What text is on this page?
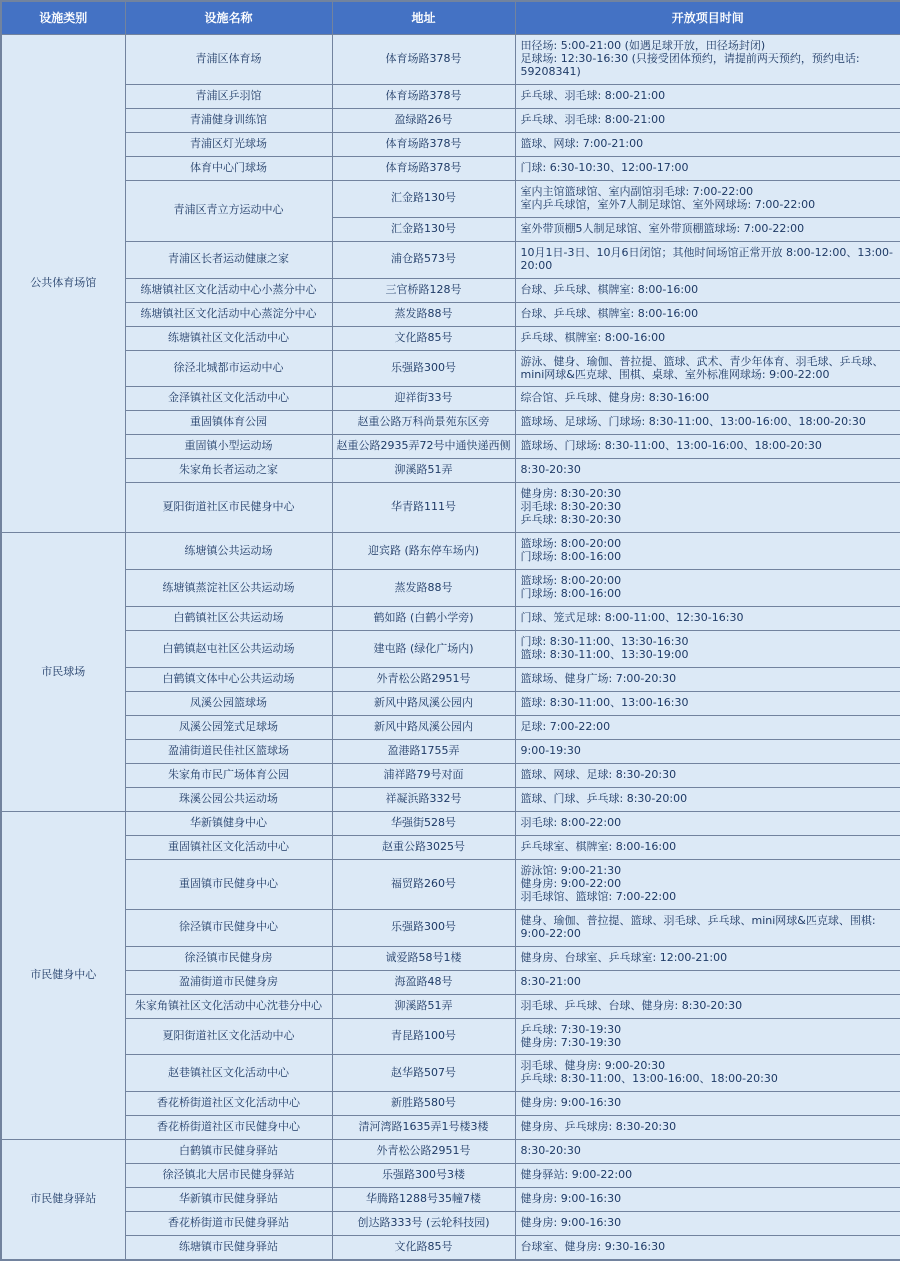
设施类别	设施名称	地址	开放项目时间
公共体育场馆	青浦区体育场	体育场路378号	田径场: 5:00-21:00 (如遇足球开放，田径场封闭)
足球场: 12:30-16:30 (只接受团体预约，请提前两天预约，预约电话: 59208341)

	青浦区乒羽馆	体育场路378号	乒乓球、羽毛球: 8:00-21:00

	青浦健身训练馆	盈绿路26号	乒乓球、羽毛球: 8:00-21:00

	青浦区灯光球场	体育场路378号	篮球、网球: 7:00-21:00

	体育中心门球场	体育场路378号	门球: 6:30-10:30、12:00-17:00

	青浦区青立方运动中心	汇金路130号	室内主馆篮球馆、室内副馆羽毛球: 7:00-22:00
室内乒乓球馆，室外7人制足球馆、室外网球场: 7:00-22:00

		汇金路130号	室外带顶棚5人制足球馆、室外带顶棚篮球场: 7:00-22:00

	青浦区长者运动健康之家	浦仓路573号	10月1日-3日、10月6日闭馆；其他时间场馆正常开放 8:00-12:00、13:00-20:00

	练塘镇社区文化活动中心小蒸分中心	三官桥路128号	台球、乒乓球、棋牌室: 8:00-16:00

	练塘镇社区文化活动中心蒸淀分中心	蒸发路88号	台球、乒乓球、棋牌室: 8:00-16:00

	练塘镇社区文化活动中心	文化路85号	乒乓球、棋牌室: 8:00-16:00

	徐泾北城都市运动中心	乐强路300号	游泳、健身、瑜伽、普拉提、篮球、武术、青少年体育、羽毛球、乒乓球、mini网球&匹克球、围棋、桌球、室外标准网球场: 9:00-22:00

	金泽镇社区文化活动中心	迎祥街33号	综合馆、乒乓球、健身房: 8:30-16:00

	重固镇体育公园	赵重公路万科尚景苑东区旁	篮球场、足球场、门球场: 8:30-11:00、13:00-16:00、18:00-20:30

	重固镇小型运动场	赵重公路2935弄72号中通快递西侧	篮球场、门球场: 8:30-11:00、13:00-16:00、18:00-20:30

	朱家角长者运动之家	泖溪路51弄	8:30-20:30

	夏阳街道社区市民健身中心	华青路111号	健身房: 8:30-20:30
羽毛球: 8:30-20:30
乒乓球: 8:30-20:30

市民球场	练塘镇公共运动场	迎宾路 (路东停车场内)	篮球场: 8:00-20:00
门球场: 8:00-16:00

	练塘镇蒸淀社区公共运动场	蒸发路88号	篮球场: 8:00-20:00
门球场: 8:00-16:00

	白鹤镇社区公共运动场	鹤如路 (白鹤小学旁)	门球、笼式足球: 8:00-11:00、12:30-16:30

	白鹤镇赵屯社区公共运动场	建屯路 (绿化广场内)	门球: 8:30-11:00、13:30-16:30
篮球: 8:30-11:00、13:30-19:00

	白鹤镇文体中心公共运动场	外青松公路2951号	篮球场、健身广场: 7:00-20:30

	凤溪公园篮球场	新风中路凤溪公园内	篮球: 8:30-11:00、13:00-16:30

	凤溪公园笼式足球场	新风中路凤溪公园内	足球: 7:00-22:00

	盈浦街道民佳社区篮球场	盈港路1755弄	9:00-19:30

	朱家角市民广场体育公园	浦祥路79号对面	篮球、网球、足球: 8:30-20:30

	珠溪公园公共运动场	祥凝浜路332号	篮球、门球、乒乓球: 8:30-20:00

市民健身中心	华新镇健身中心	华强街528号	羽毛球: 8:00-22:00

	重固镇社区文化活动中心	赵重公路3025号	乒乓球室、棋牌室: 8:00-16:00

	重固镇市民健身中心	福贸路260号	游泳馆: 9:00-21:30
健身房: 9:00-22:00
羽毛球馆、篮球馆: 7:00-22:00

	徐泾镇市民健身中心	乐强路300号	健身、瑜伽、普拉提、篮球、羽毛球、乒乓球、mini网球&匹克球、围棋: 9:00-22:00

	徐泾镇市民健身房	诚爱路58号1楼	健身房、台球室、乒乓球室: 12:00-21:00

	盈浦街道市民健身房	海盈路48号	8:30-21:00

	朱家角镇社区文化活动中心沈巷分中心	泖溪路51弄	羽毛球、乒乓球、台球、健身房: 8:30-20:30

	夏阳街道社区文化活动中心	青昆路100号	乒乓球: 7:30-19:30
健身房: 7:30-19:30

	赵巷镇社区文化活动中心	赵华路507号	羽毛球、健身房: 9:00-20:30
乒乓球: 8:30-11:00、13:00-16:00、18:00-20:30

	香花桥街道社区文化活动中心	新胜路580号	健身房: 9:00-16:30

	香花桥街道社区市民健身中心	清河湾路1635弄1号楼3楼	健身房、乒乓球房: 8:30-20:30

市民健身驿站	白鹤镇市民健身驿站	外青松公路2951号	8:30-20:30

	徐泾镇北大居市民健身驿站	乐强路300号3楼	健身驿站: 9:00-22:00

	华新镇市民健身驿站	华腾路1288号35幢7楼	健身房: 9:00-16:30

	香花桥街道市民健身驿站	创达路333号 (云轮科技园)	健身房: 9:00-16:30

	练塘镇市民健身驿站	文化路85号	台球室、健身房: 9:30-16:30
